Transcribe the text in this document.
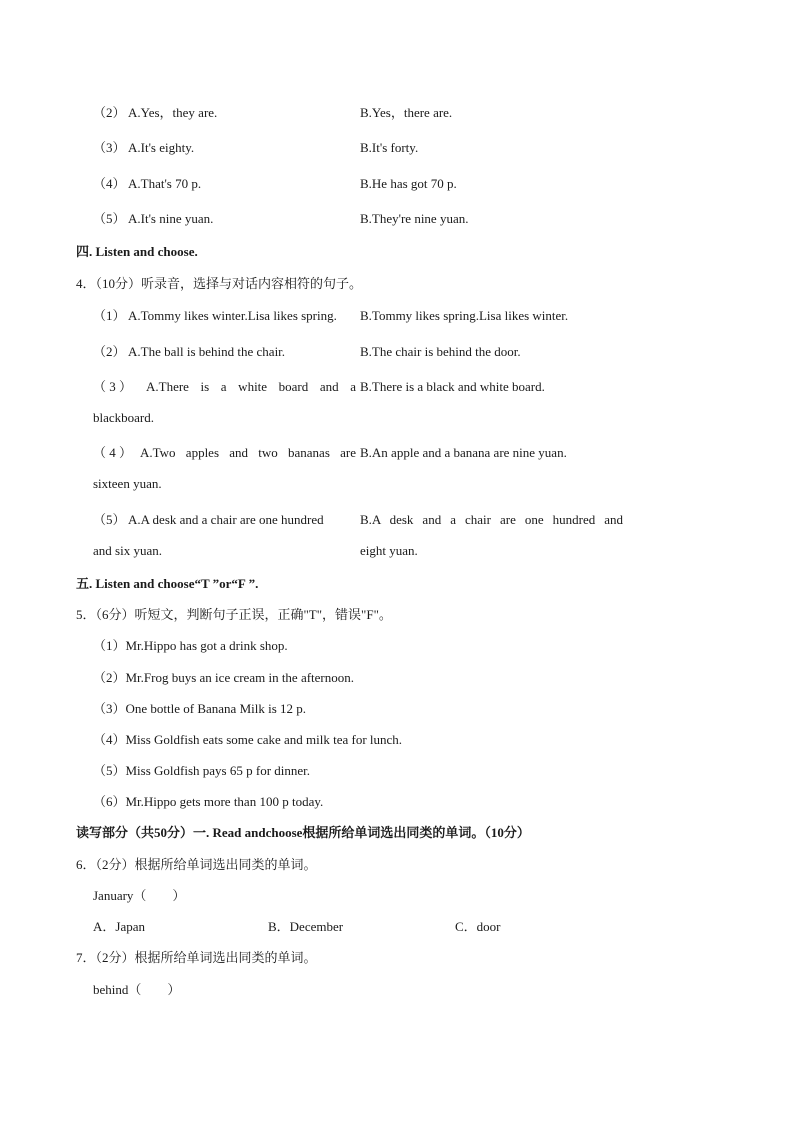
（2） A.Yes，they are.	B.Yes，there are.
（3） A.It's eighty.	B.It's forty.
（4） A.That's 70 p.	B.He has got 70 p.
（5） A.It's nine yuan.	B.They're nine yuan.
四. Listen and choose.
4．（10分）听录音，选择与对话内容相符的句子。
（1） A.Tommy likes winter.Lisa likes spring. B.Tommy likes spring.Lisa likes winter.
（2） A.The ball is behind the chair.	B.The chair is behind the door.
（ 3 ） A.There is a white board and a
blackboard.
B.There is a black and white board.
（ 4 ） A.Two apples and two bananas are
sixteen yuan.
B.An apple and a banana are nine yuan.
（5） A.A desk and a chair are one hundred
and six yuan.
B.A desk and a chair are one hundred and
eight yuan.
五. Listen and choose“T ”or“F ”.
5．（6分）听短文，判断句子正误，正确"T"，错误"F"。
（1）Mr.Hippo has got a drink shop.
（2）Mr.Frog buys an ice cream in the afternoon.
（3）One bottle of Banana Milk is 12 p.
（4）Miss Goldfish eats some cake and milk tea for lunch.
（5）Miss Goldfish pays 65 p for dinner.
（6）Mr.Hippo gets more than 100 p today.
读写部分（共50分）一. Read andchoose根据所给单词选出同类的单词。（10分）
6．（2分）根据所给单词选出同类的单词。
January（　　）
A．Japan	B．December	C．door
7．（2分）根据所给单词选出同类的单词。
behind（　　）
